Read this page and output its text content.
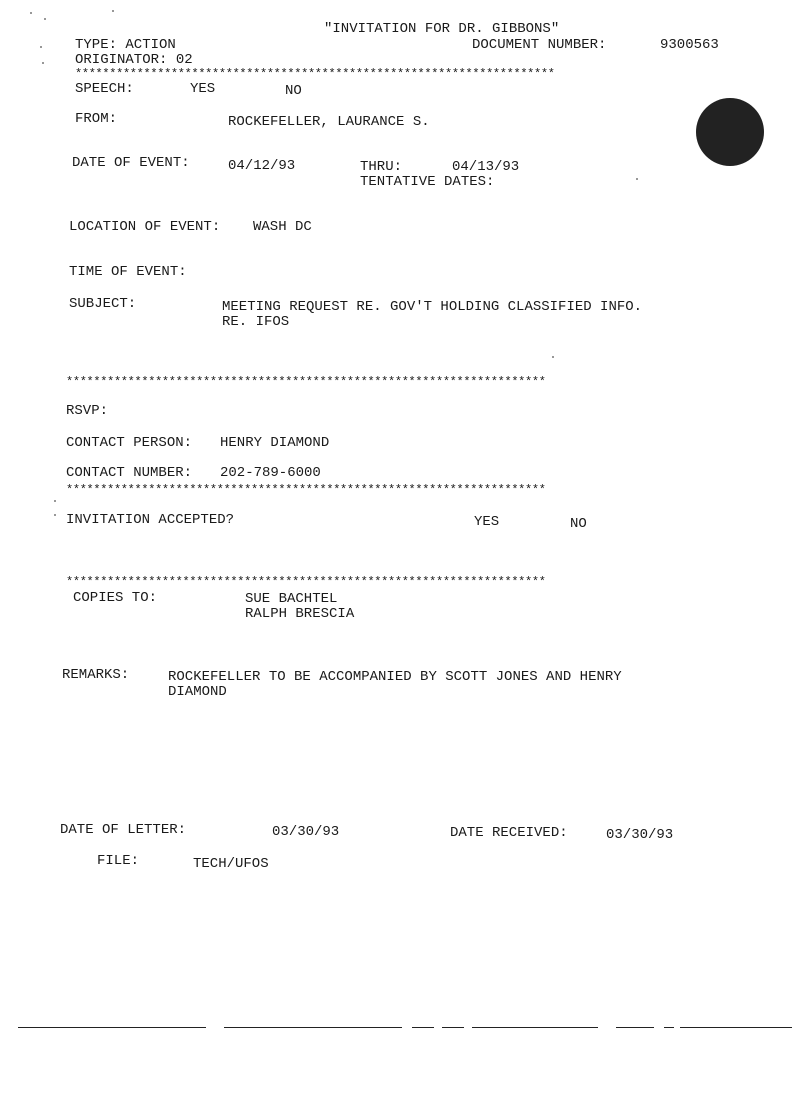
"INVITATION FOR DR. GIBBONS"
TYPE: ACTION	DOCUMENT NUMBER:	9300563
ORIGINATOR: 02
**********************************************************************
SPEECH:	YES	NO
FROM:	ROCKEFELLER, LAURANCE S.
DATE OF EVENT:	04/12/93	THRU:	04/13/93
TENTATIVE DATES:
LOCATION OF EVENT: WASH DC
TIME OF EVENT:
SUBJECT:	MEETING REQUEST RE. GOV'T HOLDING CLASSIFIED INFO.
RE. IFOS
**********************************************************************
RSVP:
CONTACT PERSON: HENRY DIAMOND
CONTACT NUMBER: 202-789-6000
**********************************************************************
INVITATION ACCEPTED?	YES	NO
**********************************************************************
COPIES TO:	SUE BACHTEL
RALPH BRESCIA
REMARKS:	ROCKEFELLER TO BE ACCOMPANIED BY SCOTT JONES AND HENRY
DIAMOND
DATE OF LETTER:	03/30/93	DATE RECEIVED:	03/30/93
FILE:	TECH/UFOS
